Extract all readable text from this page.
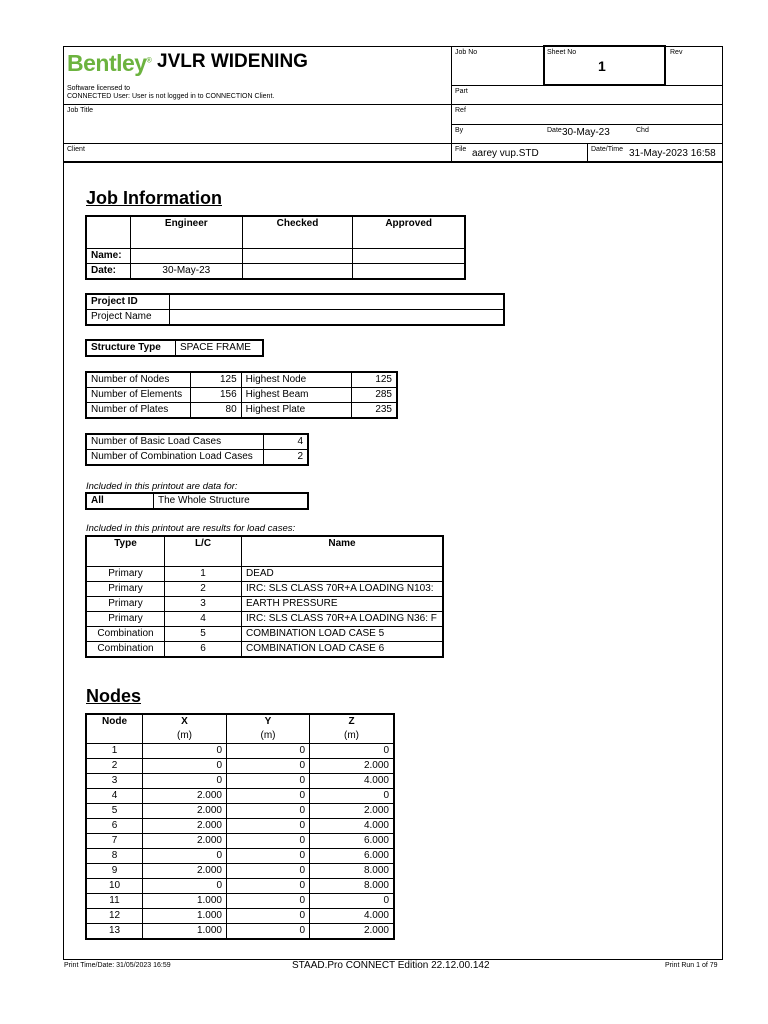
Bentley® JVLR WIDENING
Software licensed to
CONNECTED User: User is not logged in to CONNECTION Client.
Job Title
Client
Job No	Sheet No
1
Rev
Part
Ref
By	Date 30-May-23	Chd
File aarey vup.STD	Date/Time 31-May-2023 16:58
Job Information
	Engineer	Checked	Approved
Name:			
Date:	30-May-23		
Project ID	
Project Name	
Structure Type	SPACE FRAME
Number of Nodes	125	Highest Node	125
Number of Elements	156	Highest Beam	285
Number of Plates	80	Highest Plate	235
Number of Basic Load Cases	4
Number of Combination Load Cases	2
Included in this printout are data for:
All	The Whole Structure
Included in this printout are results for load cases:
Type	L/C	Name
Primary	1	DEAD
Primary	2	IRC: SLS CLASS 70R+A LOADING N103:
Primary	3	EARTH PRESSURE
Primary	4	IRC: SLS CLASS 70R+A LOADING N36: F
Combination	5	COMBINATION LOAD CASE 5
Combination	6	COMBINATION LOAD CASE 6
Nodes
Node	X	Y	Z
	(m)	(m)	(m)
1	0	0	0
2	0	0	2.000
3	0	0	4.000
4	2.000	0	0
5	2.000	0	2.000
6	2.000	0	4.000
7	2.000	0	6.000
8	0	0	6.000
9	2.000	0	8.000
10	0	0	8.000
11	1.000	0	0
12	1.000	0	4.000
13	1.000	0	2.000
Print Time/Date: 31/05/2023 16:59	STAAD.Pro CONNECT Edition 22.12.00.142	Print Run 1 of 79
